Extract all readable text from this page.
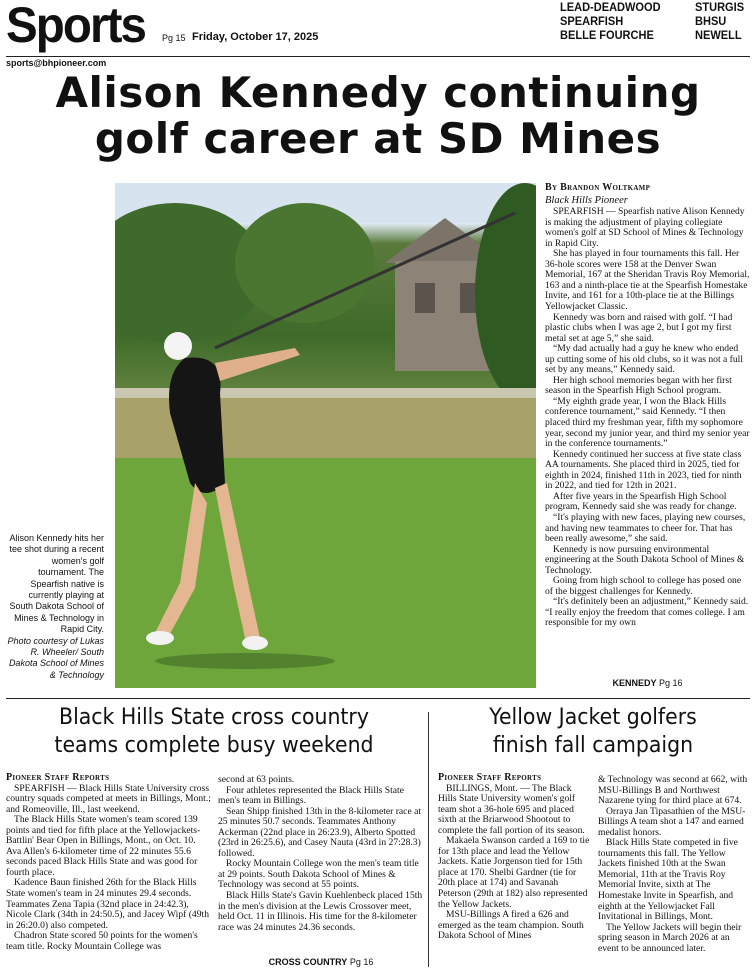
Sports Pg 15 Friday, October 17, 2025
LEAD-DEADWOOD
SPEARFISH
BELLE FOURCHE
STURGIS
BHSU
NEWELL
sports@bhpioneer.com
Alison Kennedy continuing
golf career at SD Mines
Alison Kennedy hits her tee shot during a recent women's golf tournament. The Spearfish native is currently playing at South Dakota School of Mines & Technology in Rapid City.
Photo courtesy of Lukas R. Wheeler/ South Dakota School of Mines & Technology
By Brandon Woltkamp
Black Hills Pioneer

SPEARFISH — Spearfish native Alison Kennedy is making the adjustment of playing collegiate women's golf at SD School of Mines & Technology in Rapid City.

She has played in four tournaments this fall. Her 36-hole scores were 158 at the Denver Swan Memorial, 167 at the Sheridan Travis Roy Memorial, 163 and a ninth-place tie at the Spearfish Homestake Invite, and 161 for a 10th-place tie at the Billings Yellowjacket Classic.

Kennedy was born and raised with golf. “I had plastic clubs when I was age 2, but I got my first metal set at age 5,” she said.

“My dad actually had a guy he knew who ended up cutting some of his old clubs, so it was not a full set by any means,” Kennedy said.

Her high school memories began with her first season in the Spearfish High School program.

“My eighth grade year, I won the Black Hills conference tournament,” said Kennedy. “I then placed third my freshman year, fifth my sophomore year, second my junior year, and third my senior year in the conference tournaments.”

Kennedy continued her success at five state class AA tournaments. She placed third in 2025, tied for eighth in 2024, finished 11th in 2023, tied for ninth in 2022, and tied for 12th in 2021.

After five years in the Spearfish High School program, Kennedy said she was ready for change.

“It's playing with new faces, playing new courses, and having new teammates to cheer for. That has been really awesome,” she said.

Kennedy is now pursuing environmental engineering at the South Dakota School of Mines & Technology.

Going from high school to college has posed one of the biggest challenges for Kennedy.

“It's definitely been an adjustment,” Kennedy said. “I really enjoy the freedom that comes college. I am responsible for my own

KENNEDY Pg 16
Black Hills State cross country
teams complete busy weekend
Yellow Jacket golfers
finish fall campaign
Pioneer Staff Reports

SPEARFISH — Black Hills State University cross country squads competed at meets in Billings, Mont.; and Romeoville, Ill., last weekend.

The Black Hills State women's team scored 139 points and tied for fifth place at the Yellowjackets-Battlin' Bear Open in Billings, Mont., on Oct. 10. Ava Allen's 6-kilometer time of 22 minutes 55.6 seconds paced Black Hills State and was good for fourth place.

Kadence Baun finished 26th for the Black Hills State women's team in 24 minutes 29.4 seconds. Teammates Zena Tapia (32nd place in 24:42.3), Nicole Clark (34th in 24:50.5), and Jacey Wipf (49th in 26:20.0) also competed.

Chadron State scored 50 points for the women's team title. Rocky Mountain College was

second at 63 points.

Four athletes represented the Black Hills State men's team in Billings.

Sean Shipp finished 13th in the 8-kilometer race at 25 minutes 50.7 seconds. Teammates Anthony Ackerman (22nd place in 26:23.9), Alberto Spotted (23rd in 26:25.6), and Casey Nauta (43rd in 27:28.3) followed.

Rocky Mountain College won the men's team title at 29 points. South Dakota School of Mines & Technology was second at 55 points.

Black Hills State's Gavin Kuehlenbeck placed 15th in the men's division at the Lewis Crossover meet, held Oct. 11 in Illinois. His time for the 8-kilometer race was 24 minutes 24.36 seconds.

CROSS COUNTRY Pg 16
Pioneer Staff Reports

BILLINGS, Mont. — The Black Hills State University women's golf team shot a 36-hole 695 and placed sixth at the Briarwood Shootout to complete the fall portion of its season.

Makaela Swanson carded a 169 to tie for 13th place and lead the Yellow Jackets. Katie Jorgenson tied for 15th place at 170. Shelbi Gardner (tie for 20th place at 174) and Savanah Peterson (29th at 182) also represented the Yellow Jackets.

MSU-Billings A fired a 626 and emerged as the team champion. South Dakota School of Mines

& Technology was second at 662, with MSU-Billings B and Northwest Nazarene tying for third place at 674.

Orraya Jan Tipasathien of the MSU-Billings A team shot a 147 and earned medalist honors.

Black Hills State competed in five tournaments this fall. The Yellow Jackets finished 10th at the Swan Memorial, 11th at the Travis Roy Memorial Invite, sixth at The Homestake Invite in Spearfish, and eighth at the Yellowjacket Fall Invitational in Billings, Mont.

The Yellow Jackets will begin their spring season in March 2026 at an event to be announced later.
